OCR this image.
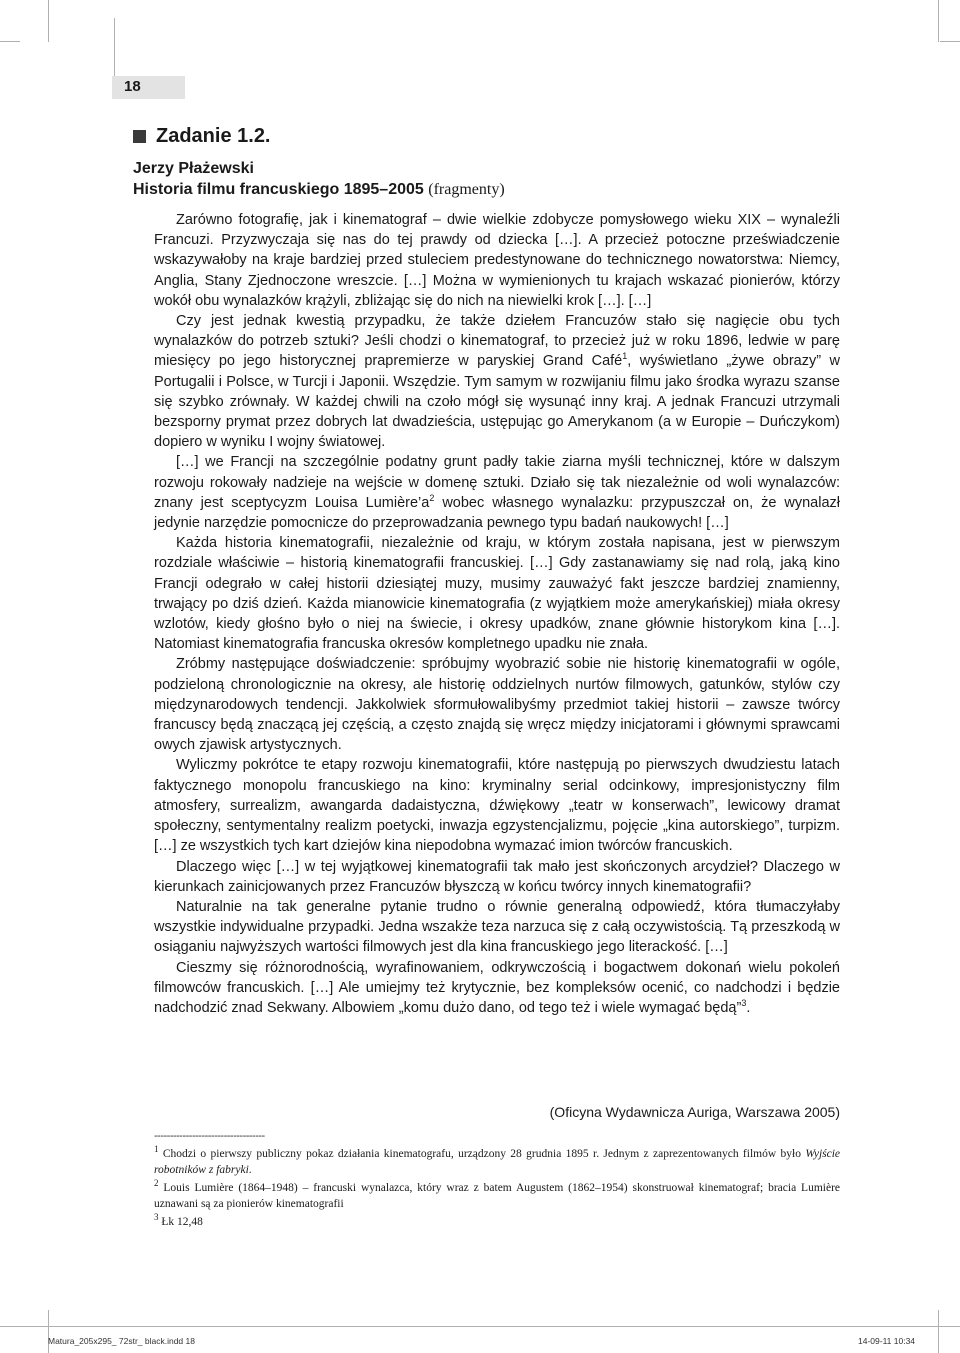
18
Zadanie 1.2.
Jerzy Płażewski
Historia filmu francuskiego 1895–2005 (fragmenty)

Zarówno fotografię, jak i kinematograf – dwie wielkie zdobycze pomysłowego wieku XIX – wynaleźli Francuzi. Przyzwyczaja się nas do tej prawdy od dziecka […]. A przecież potoczne przeświadczenie wskazywałoby na kraje bardziej przed stuleciem predestynowane do technicznego nowatorstwa: Niemcy, Anglia, Stany Zjednoczone wreszcie. […] Można w wymienionych tu krajach wskazać pionierów, którzy wokół obu wynalazków krążyli, zbliżając się do nich na niewielki krok […]. […]

Czy jest jednak kwestią przypadku, że także dziełem Francuzów stało się nagięcie obu tych wynalazków do potrzeb sztuki? Jeśli chodzi o kinematograf, to przecież już w roku 1896, ledwie w parę miesięcy po jego historycznej prapremierze w paryskiej Grand Café$^1$, wyświetlano „żywe obrazy” w Portugalii i Polsce, w Turcji i Japonii. Wszędzie. Tym samym w rozwijaniu filmu jako środka wyrazu szanse się szybko zrównały. W każdej chwili na czoło mógł się wysunąć inny kraj. A jednak Francuzi utrzymali bezsporny prymat przez dobrych lat dwadzieścia, ustępując go Amerykanom (a w Europie – Duńczykom) dopiero w wyniku I wojny światowej.

[…] we Francji na szczególnie podatny grunt padły takie ziarna myśli technicznej, które w dalszym rozwoju rokowały nadzieje na wejście w domenę sztuki. Działo się tak niezależnie od woli wynalazców: znany jest sceptycyzm Louisa $Lumière’a^2$ wobec własnego wynalazku: przypuszczał on, że wynalazł jedynie narzędzie pomocnicze do przeprowadzania pewnego typu badań naukowych! […]

Każda historia kinematografii, niezależnie od kraju, w którym została napisana, jest w pierwszym rozdziale właściwie – historią kinematografii francuskiej. […] Gdy zastanawiamy się nad rolą, jaką kino Francji odegrało w całej historii dziesiątej muzy, musimy zauważyć fakt jeszcze bardziej znamienny, trwający po dziś dzień. Każda mianowicie kinematografia (z wyjątkiem może amerykańskiej) miała okresy wzlotów, kiedy głośno było o niej na świecie, i okresy upadków, znane głównie historykom kina […]. Natomiast kinematografia francuska okresów kompletnego upadku nie znała.

Zróbmy następujące doświadczenie: spróbujmy wyobrazić sobie nie historię kinematografii w ogóle, podzieloną chronologicznie na okresy, ale historię oddzielnych nurtów filmowych, gatunków, stylów czy międzynarodowych tendencji. Jakkolwiek sformułowalibyśmy przedmiot takiej historii – zawsze twórcy francuscy będą znaczącą jej częścią, a często znajdą się wręcz między inicjatorami i głównymi sprawcami owych zjawisk artystycznych.

Wyliczmy pokrótce te etapy rozwoju kinematografii, które następują po pierwszych dwudziestu latach faktycznego monopolu francuskiego na kino: kryminalny serial odcinkowy, impresjonistyczny film atmosfery, surrealizm, awangarda dadaistyczna, dźwiękowy „teatr w konserwach”, lewicowy dramat społeczny, sentymentalny realizm poetycki, inwazja egzystencjalizmu, pojęcie „kina autorskiego”, turpizm. […] ze wszystkich tych kart dziejów kina niepodobna wymazać imion twórców francuskich.

Dlaczego więc […] w tej wyjątkowej kinematografii tak mało jest skończonych arcydzieł? Dlaczego w kierunkach zainicjowanych przez Francuzów błyszczą w końcu twórcy innych kinematografii?

Naturalnie na tak generalne pytanie trudno o równie generalną odpowiedź, która tłumaczyłaby wszystkie indywidualne przypadki. Jedna wszakże teza narzuca się z całą oczywistością. Tą przeszkodą w osiąganiu najwyższych wartości filmowych jest dla kina francuskiego jego literackość. […]

Cieszmy się różnorodnością, wyrafinowaniem, odkrywczością i bogactwem dokonań wielu pokoleń filmowców francuskich. […] Ale umiejmy też krytycznie, bez kompleksów ocenić, co nadchodzi i będzie nadchodzić znad Sekwany. Albowiem „komu dużo dano, od tego też i wiele wymagać będą”$^3$.

(Oficyna Wydawnicza Auriga, Warszawa 2005)
-----------------------------------

$^1$ Chodzi o pierwszy publiczny pokaz działania kinematografu, urządzony 28 grudnia 1895 r. Jednym z zaprezentowanych filmów było Wyjście robotników z fabryki.

$^2$ Louis Lumière (1864–1948) – francuski wynalazca, który wraz z batem Augustem (1862–1954) skonstruował kinematograf; bracia Lumière uznawani są za pionierów kinematografii

$^3$ Łk 12,48

Matura_205x295_ 72str_ black.indd 18	14-09-11 10:34
